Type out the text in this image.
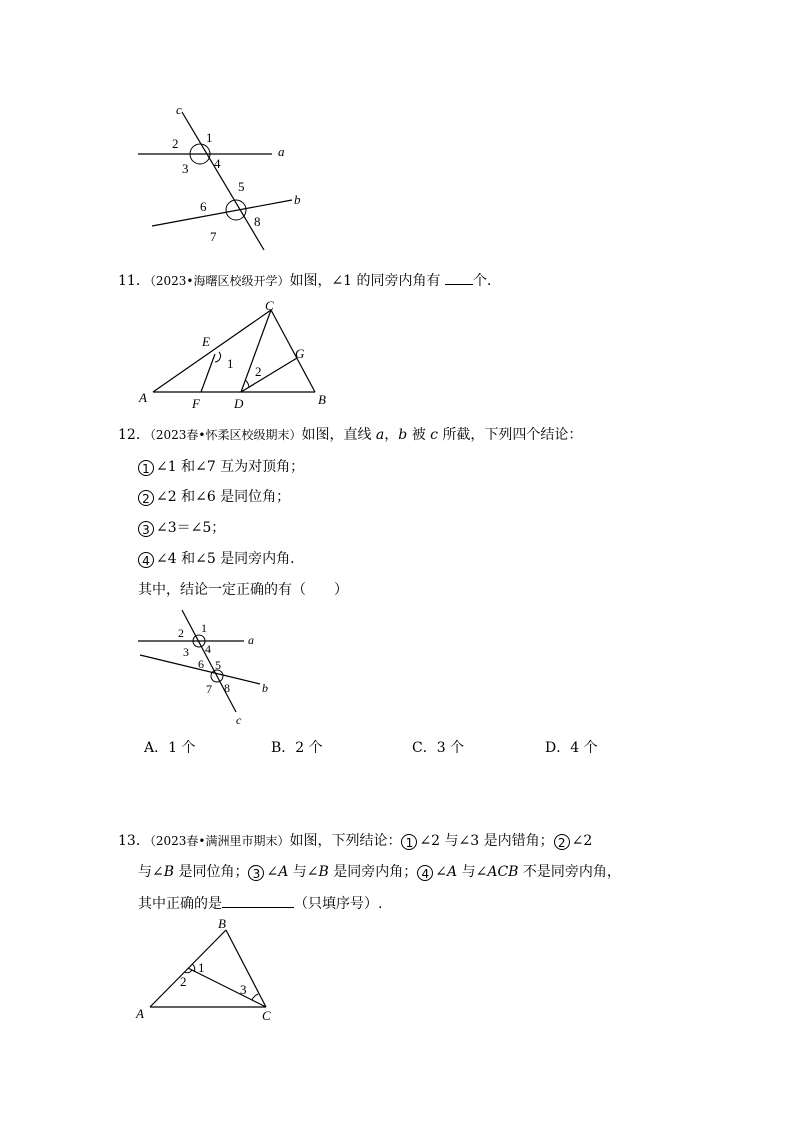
c
a
b
1
2
3 4
5
6
7
8
11．（2023•海曙区校级开学）如图，∠1 的同旁内角有 个．
A	B
C
D
E
F
G
1
2
12．（2023春•怀柔区校级期末）如图，直线 a，b 被 c 所截，下列四个结论：
1 ∠1 和∠7 互为对顶角；
2 ∠2 和∠6 是同位角；
3 ∠3＝∠5；
4 ∠4 和∠5 是同旁内角．
其中，结论一定正确的有（　　）
a
b
c
1
2
3 4
5
6
7 8
A．1 个	B．2 个	C．3 个	D．4 个
13．（2023春•满洲里市期末）如图，下列结论： 1 ∠2 与∠3 是内错角； 2 ∠2
与∠B 是同位角； 3 ∠A 与∠B 是同旁内角； 4 ∠A 与∠ACB 不是同旁内角，
其中正确的是	（只填序号）.
A
B
C
1
2
3
